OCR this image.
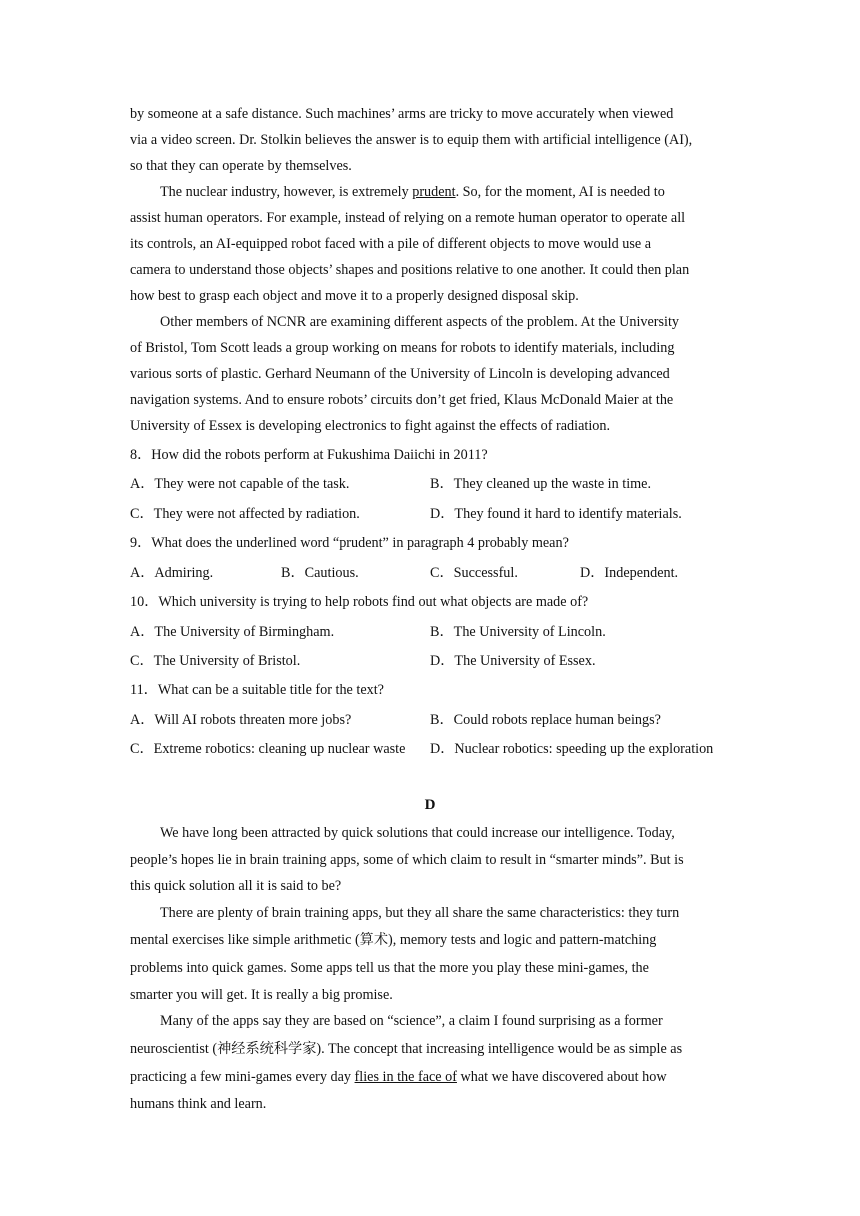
by someone at a safe distance. Such machines’ arms are tricky to move accurately when viewed
via a video screen. Dr. Stolkin believes the answer is to equip them with artificial intelligence (AI),
so that they can operate by themselves.
The nuclear industry, however, is extremely prudent. So, for the moment, AI is needed to
assist human operators. For example, instead of relying on a remote human operator to operate all
its controls, an AI-equipped robot faced with a pile of different objects to move would use a
camera to understand those objects’ shapes and positions relative to one another. It could then plan
how best to grasp each object and move it to a properly designed disposal skip.
Other members of NCNR are examining different aspects of the problem. At the University
of Bristol, Tom Scott leads a group working on means for robots to identify materials, including
various sorts of plastic. Gerhard Neumann of the University of Lincoln is developing advanced
navigation systems. And to ensure robots’ circuits don’t get fried, Klaus McDonald Maier at the
University of Essex is developing electronics to fight against the effects of radiation.
8．How did the robots perform at Fukushima Daiichi in 2011?
A．They were not capable of the task.	B．They cleaned up the waste in time.
C．They were not affected by radiation.	D．They found it hard to identify materials.
9．What does the underlined word “prudent” in paragraph 4 probably mean?
A．Admiring.	B．Cautious.	C．Successful.	D．Independent.
10．Which university is trying to help robots find out what objects are made of?
A．The University of Birmingham.	B．The University of Lincoln.
C．The University of Bristol.	D．The University of Essex.
11．What can be a suitable title for the text?
A．Will AI robots threaten more jobs?	B．Could robots replace human beings?
C．Extreme robotics: cleaning up nuclear waste D．Nuclear robotics: speeding up the exploration
D
We have long been attracted by quick solutions that could increase our intelligence. Today,
people’s hopes lie in brain training apps, some of which claim to result in “smarter minds”. But is
this quick solution all it is said to be?
There are plenty of brain training apps, but they all share the same characteristics: they turn
mental exercises like simple arithmetic (算术), memory tests and logic and pattern-matching
problems into quick games. Some apps tell us that the more you play these mini-games, the
smarter you will get. It is really a big promise.
Many of the apps say they are based on “science”, a claim I found surprising as a former
neuroscientist (神经系统科学家). The concept that increasing intelligence would be as simple as
practicing a few mini-games every day flies in the face of what we have discovered about how
humans think and learn.
